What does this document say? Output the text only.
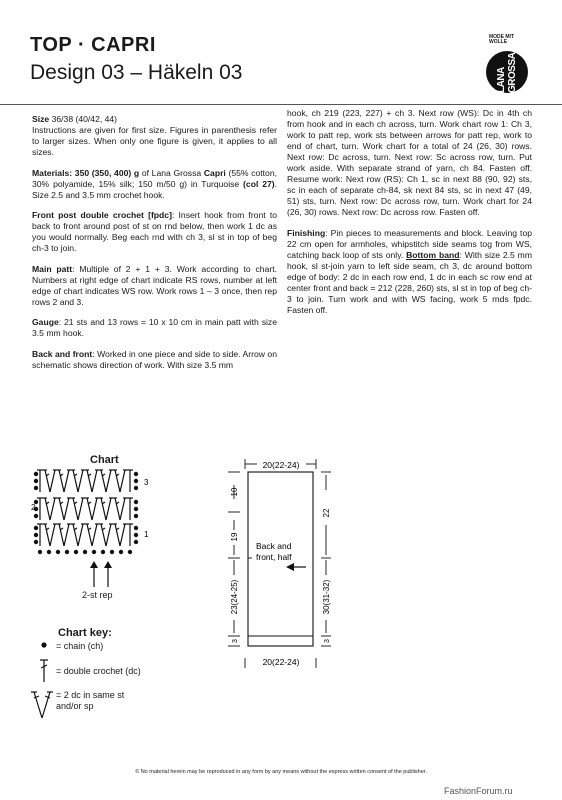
TOP · CAPRI
Design 03 – Häkeln 03
MODE MIT WOLLE
LANA GROSSA

Size 36/38 (40/42, 44)
Instructions are given for first size. Figures in parenthesis refer to larger sizes. When only one figure is given, it applies to all sizes.

Materials: 350 (350, 400) g of Lana Grossa Capri (55% cotton, 30% polyamide, 15% silk; 150 m/50 g) in Turquoise (col 27). Size 2.5 and 3.5 mm crochet hook.

Front post double crochet [fpdc]: Insert hook from front to back to front around post of st on rnd below, then work 1 dc as you would normally. Beg each rnd with ch 3, sl st in top of beg ch-3 to join.

Main patt: Multiple of 2 + 1 + 3. Work according to chart. Numbers at right edge of chart indicate RS rows, number at left edge of chart indicates WS row. Work rows 1 – 3 once, then rep rows 2 and 3.

Gauge: 21 sts and 13 rows = 10 x 10 cm in main patt with size 3.5 mm hook.

Back and front: Worked in one piece and side to side. Arrow on schematic shows direction of work. With size 3.5 mm

hook, ch 219 (223, 227) + ch 3. Next row (WS): Dc in 4th ch from hook and in each ch across, turn. Work chart row 1: Ch 3, work to patt rep, work sts between arrows for patt rep, work to end of chart, turn. Work chart for a total of 24 (26, 30) rows. Next row: Dc across, turn. Next row: Sc across row, turn. Put work aside. With separate strand of yarn, ch 84. Fasten off. Resume work: Next row (RS): Ch 1, sc in next 88 (90, 92) sts, sc in each of separate ch-84, sk next 84 sts, sc in next 47 (49, 51) sts, turn. Next row: Dc across row, turn. Work chart for 24 (26, 30) rows. Next row: Dc across row. Fasten off.

Finishing: Pin pieces to measurements and block. Leaving top 22 cm open for armholes, whipstitch side seams tog from WS, catching back loop of sts only. Bottom band: With size 2.5 mm hook, sl st-join yarn to left side seam, ch 3, dc around bottom edge of body: 2 dc in each row end, 1 dc in each sc row end at center front and back = 212 (228, 260) sts, sl st in top of beg ch-3 to join. Turn work and with WS facing, work 5 rnds fpdc. Fasten off.

Chart
3
2
1
2-st rep
Chart key:
= chain (ch)
= double crochet (dc)
= 2 dc in same st
and/or sp
20(22-24)
20(22-24)
Back and
front, half
10
19
23(24-25)
3
22
30(31-32)
3
© No material herein may be reproduced in any form by any means without the express written consent of the publisher.
FashionForum.ru
